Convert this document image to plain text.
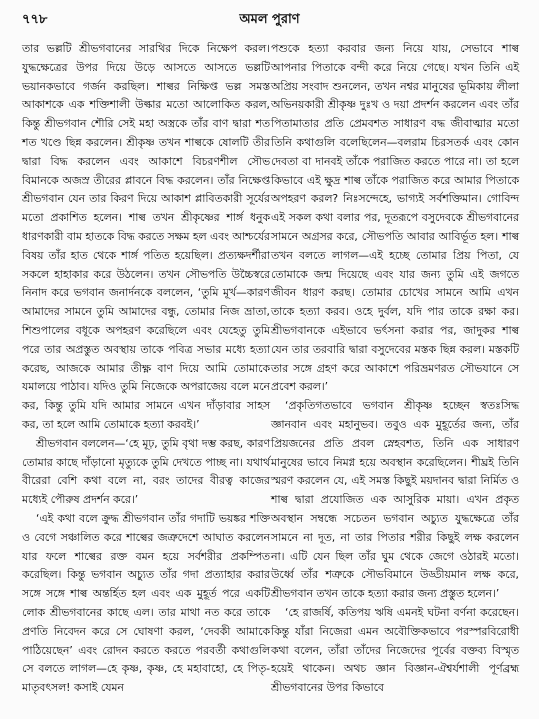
৭৭৮	অমল পুরাণ

তার ভল্লটি শ্রীভগবানের সারথির দিকে নিক্ষেপ করল। যুদ্ধক্ষেত্রের উপর দিয়ে উড়ে আসতে আসতে ভল্লটি ভয়ানকভাবে গর্জন করছিল। শাল্বর নিক্ষিপ্ত ভল্ল সমস্ত আকাশকে এক শক্তিশালী উল্কার মতো আলোকিত করল, কিন্তু শ্রীভগবান শৌরি সেই মহা অস্ত্রকে তাঁর বাণ দ্বারা শত শত খণ্ডে ছিন্ন করলেন। শ্রীকৃষ্ণ তখন শাল্বকে ষোলটি তীর দ্বারা বিদ্ধ করলেন এবং আকাশে বিচরণশীল সৌভ বিমানকে অজস্র তীরের প্লাবনে বিদ্ধ করলেন। তাঁর নিক্ষেপ্ত শ্রীভগবান যেন তার কিরণ দিয়ে আকাশ প্লাবিতকারী সূর্যের মতো প্রকাশিত হলেন। শাল্ব তখন শ্রীকৃষ্ণের শার্ঙ্গ ধনুক ধারণকারী বাম হাতকে বিদ্ধ করতে সক্ষম হল এবং আশ্চর্যের বিষয় তাঁর হাত থেকে শার্ঙ্গ পতিত হয়েছিল। প্রত্যক্ষদর্শীরা সকলে হাহাকার করে উঠলেন। তখন সৌভপতি উচ্চৈস্বরে নিনাদ করে ভগবান জনার্দনকে বললেন, ‘তুমি মূর্খ—কারণ আমাদের সামনে তুমি আমাদের বন্ধু, তোমার নিজ ভ্রাতা, শিশুপালের বধূকে অপহরণ করেছিলে এবং যেহেতু তুমি পরে তার অপ্রস্তুত অবস্থায় তাকে পবিত্র সভার মধ্যে হত্যা করেছ, আজকে আমার তীক্ষ্ণ বাণ দিয়ে আমি তোমাকে যমালয়ে পাঠাব। যদিও তুমি নিজেকে অপরাজেয় বলে মনে কর, কিন্তু তুমি যদি আমার সামনে এখন দাঁড়াবার সাহস কর, তা হলে আমি তোমাকে হত্যা করবই।’

শ্রীভগবান বললেন—‘হে মূঢ়, তুমি বৃথা দম্ভ করছ, কারণ তোমার কাছে দাঁড়ানো মৃত্যুকে তুমি দেখতে পাচ্ছ না। যথার্থ বীরেরা বেশি কথা বলে না, বরং তাদের বীরত্ব কাজের মধ্যেই পৌরুষ প্রদর্শন করে।’

‘এই কথা বলে ক্রুদ্ধ শ্রীভগবান তাঁর গদাটি ভয়ঙ্কর শক্তি ও বেগে সঞ্চালিত করে শাল্বের জত্রুদেশে আঘাত করলেন যার ফলে শাল্বের রক্ত বমন হয়ে সর্বশরীর প্রকম্পিত করেছিল। কিন্তু ভগবান অচ্যুত তাঁর গদা প্রত্যাহার করার সঙ্গে সঙ্গে শাল্ব অন্তর্হিত হল এবং এক মুহূর্ত পরে একটি লোক শ্রীভগবানের কাছে এল। তার মাথা নত করে তাকে প্রণতি নিবেদন করে সে ঘোষণা করল, ‘দেবকী আমাকে পাঠিয়েছেন’ এবং রোদন করতে করতে পরবর্তী কথাগুলি সে বলতে লাগল—হে কৃষ্ণ, কৃষ্ণ, হে মহাবাহো, হে পিতৃ-মাতৃবৎসল! কসাই যেমন

পশুকে হত্যা করবার জন্য নিয়ে যায়, সেভাবে শাল্ব আপনার পিতাকে বন্দী করে নিয়ে গেছে। যখন তিনি এই অপ্রিয় সংবাদ শুনলেন, তখন নশ্বর মানুষের ভূমিকায় লীলা অভিনয়কারী শ্রীকৃষ্ণ দুঃখ ও দয়া প্রদর্শন করলেন এবং তাঁর পিতামাতার প্রতি প্রেমবশত সাধারণ বদ্ধ জীবাত্মার মতো তিনি কথাগুলি বলেছিলেন—বলরাম চিরসতর্ক এবং কোন দেবতা বা দানবই তাঁকে পরাজিত করতে পারে না। তা হলে কিভাবে এই ক্ষুদ্র শাল্ব তাঁকে পরাজিত করে আমার পিতাকে অপহরণ করল? নিঃসন্দেহে, ভাগ্যই সর্বশক্তিমান। গোবিন্দ এই সকল কথা বলার পর, দূতরূপে বসুদেবকে শ্রীভগবানের সামনে অগ্রসর করে, সৌভপতি আবার আবির্ভূত হল। শাল্ব তখন বলতে লাগল—এই হচ্ছে তোমার প্রিয় পিতা, যে তোমাকে জন্ম দিয়েছে এবং যার জন্য তুমি এই জগতে জীবন ধারণ করছ। তোমার চোখের সামনে আমি এখন তাকে হত্যা করব। ওহে দুর্বল, যদি পার তাকে রক্ষা কর। শ্রীভগবানকে এইভাবে ভর্ৎসনা করার পর, জাদুকর শাল্ব যেন তার তরবারি দ্বারা বসুদেবের মস্তক ছিন্ন করল। মস্তকটি তার সঙ্গে গ্রহণ করে আকাশে পরিভ্রমণরত সৌভযানে সে প্রবেশ করল।’

‘প্রকৃতিগতভাবে ভগবান শ্রীকৃষ্ণ হচ্ছেন স্বতঃসিদ্ধ জ্ঞানবান এবং মহানুভব। তবুও এক মুহূর্তের জন্য, তাঁর প্রিয়জনের প্রতি প্রবল স্নেহবশত, তিনি এক সাধারণ মানুষের ভাবে নিমগ্ন হয়ে অবস্থান করেছিলেন। শীঘ্রই তিনি স্মরণ করলেন যে, এই সমস্ত কিছুই ময়দানব দ্বারা নির্মিত ও শাল্ব দ্বারা প্রযোজিত এক আসুরিক মায়া। এখন প্রকৃত অবস্থান সম্বন্ধে সচেতন ভগবান অচ্যুত যুদ্ধক্ষেত্রে তাঁর সামনে না দূত, না তার পিতার শরীর কিছুই লক্ষ করলেন না। এটি যেন ছিল তাঁর ঘুম থেকে জেগে ওঠারই মতো। উর্ধ্বে তাঁর শত্রুকে সৌভবিমানে উড্ডীয়মান লক্ষ করে, শ্রীভগবান তখন তাকে হত্যা করার জন্য প্রস্তুত হলেন।’

‘হে রাজর্ষি, কতিপয় ঋষি এমনই ঘটনা বর্ণনা করেছেন। কিন্তু যাঁরা নিজেরা এমন অবৌক্তিকভাবে পরস্পরবিরোধী কথা বলেন, তাঁরা তাঁদের নিজেদের পূর্বের বক্তব্য বিস্মৃত হয়েই থাকেন। অথচ জ্ঞান বিজ্ঞান-ঐশ্বর্যশালী পূর্ণব্রহ্ম শ্রীভগবানের উপর কিভাবে
